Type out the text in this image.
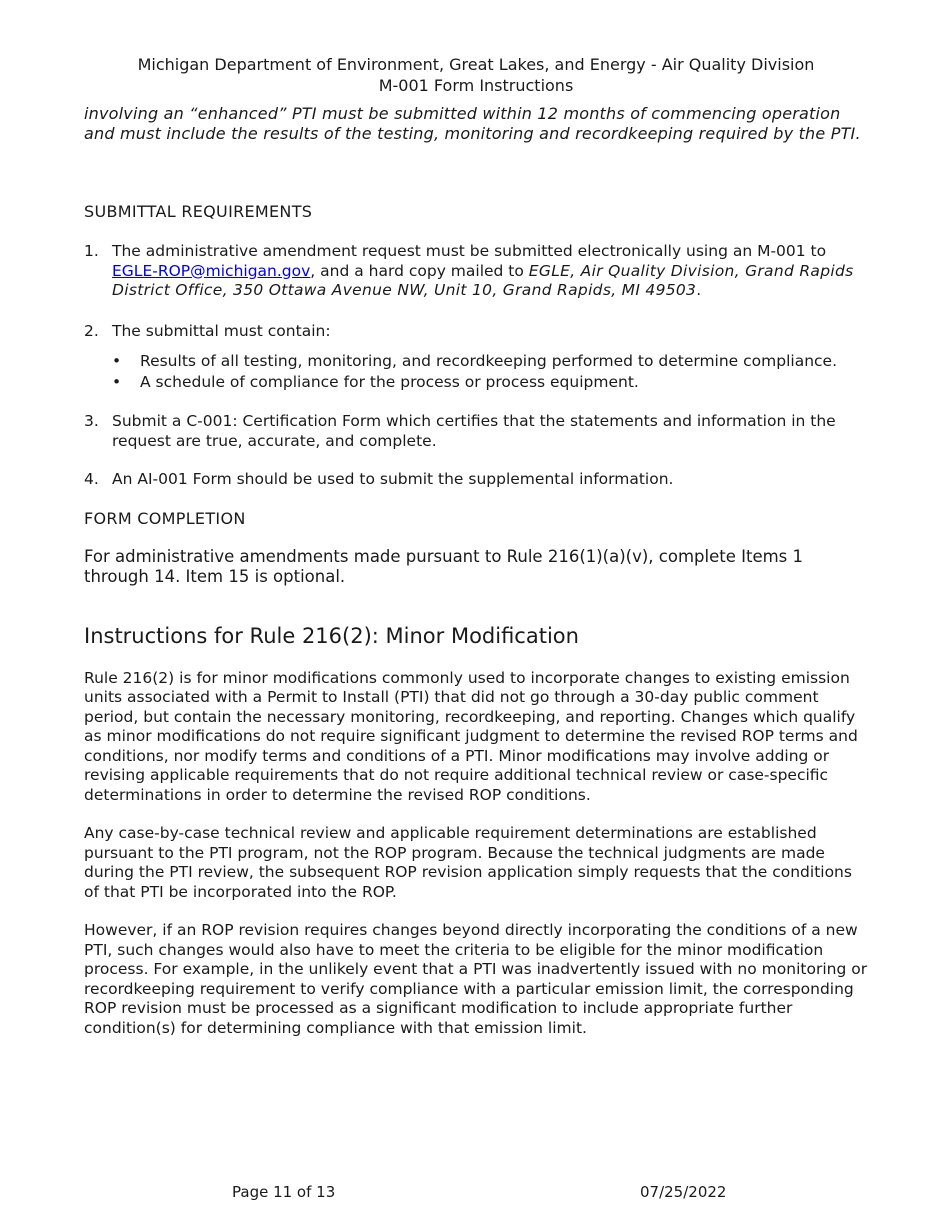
Michigan Department of Environment, Great Lakes, and Energy - Air Quality Division
M-001 Form Instructions

involving an “enhanced” PTI must be submitted within 12 months of commencing operation and must include the results of the testing, monitoring and recordkeeping required by the PTI.

SUBMITTAL REQUIREMENTS
1. The administrative amendment request must be submitted electronically using an M-001 to EGLE-ROP@michigan.gov, and a hard copy mailed to EGLE, Air Quality Division, Grand Rapids District Office, 350 Ottawa Avenue NW, Unit 10, Grand Rapids, MI 49503.
2. The submittal must contain:
• Results of all testing, monitoring, and recordkeeping performed to determine compliance.
• A schedule of compliance for the process or process equipment.
3. Submit a C-001: Certification Form which certifies that the statements and information in the request are true, accurate, and complete.
4. An AI-001 Form should be used to submit the supplemental information.
FORM COMPLETION

For administrative amendments made pursuant to Rule 216(1)(a)(v), complete Items 1 through 14. Item 15 is optional.

Instructions for Rule 216(2): Minor Modification

Rule 216(2) is for minor modifications commonly used to incorporate changes to existing emission units associated with a Permit to Install (PTI) that did not go through a 30-day public comment period, but contain the necessary monitoring, recordkeeping, and reporting. Changes which qualify as minor modifications do not require significant judgment to determine the revised ROP terms and conditions, nor modify terms and conditions of a PTI. Minor modifications may involve adding or revising applicable requirements that do not require additional technical review or case-specific determinations in order to determine the revised ROP conditions.

Any case-by-case technical review and applicable requirement determinations are established pursuant to the PTI program, not the ROP program. Because the technical judgments are made during the PTI review, the subsequent ROP revision application simply requests that the conditions of that PTI be incorporated into the ROP.

However, if an ROP revision requires changes beyond directly incorporating the conditions of a new PTI, such changes would also have to meet the criteria to be eligible for the minor modification process. For example, in the unlikely event that a PTI was inadvertently issued with no monitoring or recordkeeping requirement to verify compliance with a particular emission limit, the corresponding ROP revision must be processed as a significant modification to include appropriate further condition(s) for determining compliance with that emission limit.

Page 11 of 13	07/25/2022
